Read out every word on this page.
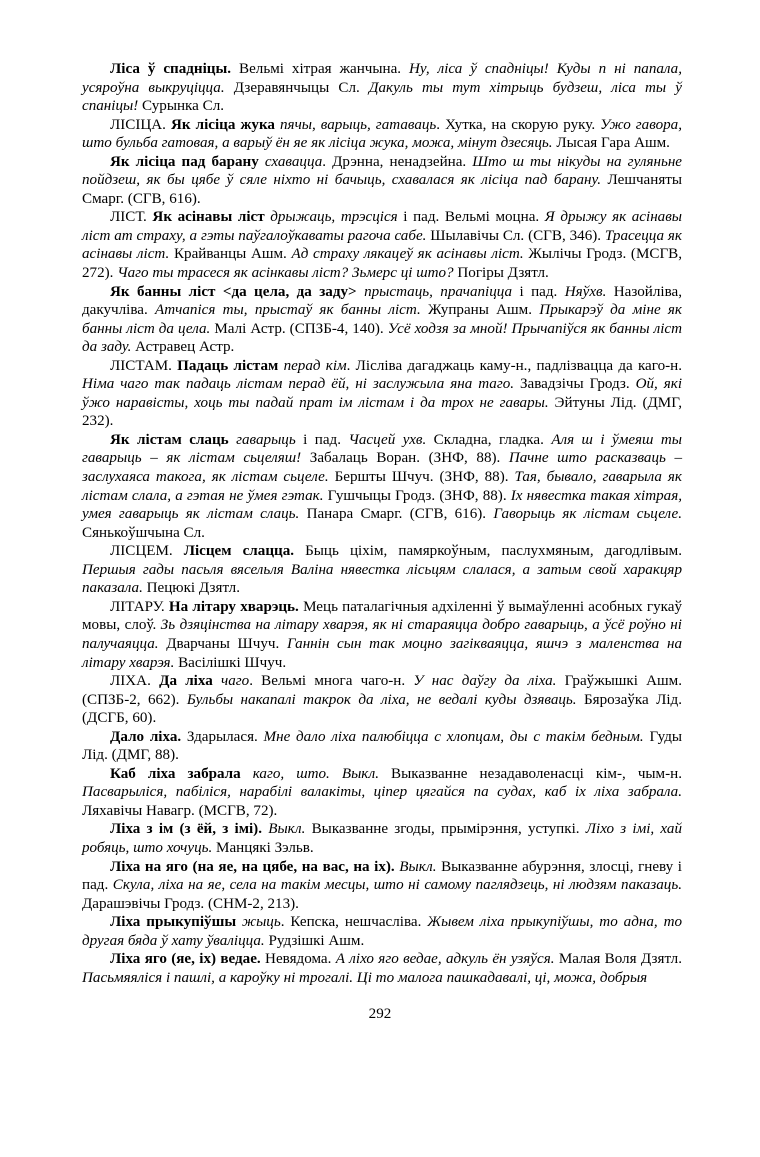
Ліса ў спадніцы. Вельмі хітрая жанчына. Ну, ліса ў спадніцы! Куды п ні папала, усяроўна выкруціцца. Дзеравянчыцы Сл. Дакуль ты тут хітрыць будзеш, ліса ты ў спаніцы! Сурынка Сл.

ЛІСІЦА. Як лісіца жука пячы, варыць, гатаваць. Хутка, на скорую руку. Ужо гавора, што бульба гатовая, а варыў ён яе як лісіца жука, можа, мінут дзесяць. Лысая Гара Ашм.

Як лісіца пад барану схавацца. Дрэнна, ненадзейна. Што ш ты нікуды на гуляньне пойдзеш, як бы цябе ў сяле ніхто ні бачыць, схавалася як лісіца пад барану. Лешчаняты Смарг. (СГВ, 616).

ЛІСТ. Як асінавы ліст дрыжаць, трэсціся і пад. Вельмі моцна. Я дрыжу як асінавы ліст ат страху, а гэты паўгалоўкаваты рагоча сабе. Шылавічы Сл. (СГВ, 346). Трасецца як асінавы ліст. Крайванцы Ашм. Ад страху лякацеў як асінавы ліст. Жылічы Гродз. (МСГВ, 272). Чаго ты трасеся як асінкавы ліст? Зьмерс ці што? Погіры Дзятл.

Як банны ліст <да цела, да заду> прыстаць, прачапіцца і пад. Няўхв. Назойліва, дакучліва. Атчапіся ты, прыстаў як банны ліст. Жупраны Ашм. Прыкарэў да міне як банны ліст да цела. Малі Астр. (СПЗБ-4, 140). Усё ходзя за мной! Прычапіўся як банны ліст да заду. Астравец Астр.

ЛІСТАМ. Падаць лістам перад кім. Лісліва дагаджаць каму-н., падлізвацца да каго-н. Німа чаго так падаць лістам перад ёй, ні заслужыла яна таго. Завадзічы Гродз. Ой, які ўжо наравісты, хоць ты падай прат ім лістам і да трох не гавары. Эйтуны Лід. (ДМГ, 232).

Як лістам слаць гаварыць і пад. Часцей ухв. Складна, гладка. Аля ш і ўмеяш ты гаварыць – як лістам сьцеляш! Забалаць Воран. (ЗНФ, 88). Пачне што расказваць – заслухаяса такога, як лістам сьцеле. Бершты Шчуч. (ЗНФ, 88). Тая, бывало, гаварыла як лістам слала, а гэтая не ўмея гэтак. Гушчыцы Гродз. (ЗНФ, 88). Іх нявестка такая хітрая, умея гаварыць як лістам слаць. Панара Смарг. (СГВ, 616). Гаворыць як лістам сьцеле. Сянькоўшчына Сл.

ЛІСЦЕМ. Лісцем слацца. Быць ціхім, памяркоўным, паслухмяным, дагодлівым. Першыя гады пасьля вясельля Валіна нявестка лісьцям слалася, а затым свой харакцяр паказала. Пецюкі Дзятл.

ЛІТАРУ. На літару хварэць. Мець паталагічныя адхіленні ў вымаўленні асобных гукаў мовы, слоў. Зь дзяцінства на літару хварэя, як ні стараяцца добро гаварыць, а ўсё роўно ні палучаяцца. Дварчаны Шчуч. Ганнін сын так моцно загікваяцца, яшчэ з маленства на літару хварэя. Васілішкі Шчуч.

ЛІХА. Да ліха чаго. Вельмі многа чаго-н. У нас даўгу да ліха. Граўжышкі Ашм. (СПЗБ-2, 662). Бульбы накапалі такрок да ліха, не ведалі куды дзяваць. Бярозаўка Лід. (ДСГБ, 60).

Дало ліха. Здарылася. Мне дало ліха палюбіцца с хлопцам, ды с такім бедным. Гуды Лід. (ДМГ, 88).

Каб ліха забрала каго, што. Выкл. Выказванне незадаволенасці кім-, чым-н. Пасварыліся, пабіліся, нарабілі валакіты, ціпер цягайся па судах, каб іх ліха забрала. Ляхавічы Навагр. (МСГВ, 72).

Ліха з ім (з ёй, з імі). Выкл. Выказванне згоды, прымірэння, уступкі. Ліхо з імі, хай робяць, што хочуць. Манцякі Зэльв.

Ліха на яго (на яе, на цябе, на вас, на іх). Выкл. Выказванне абурэння, злосці, гневу і пад. Скула, ліха на яе, села на такім месцы, што ні самому паглядзець, ні людзям паказаць. Дарашэвічы Гродз. (СНМ-2, 213).

Ліха прыкупіўшы жыць. Кепска, нешчасліва. Жывем ліха прыкупіўшы, то адна, то другая бяда ў хату ўваліцца. Рудзішкі Ашм.

Ліха яго (яе, іх) ведае. Невядома. А ліхо яго ведае, адкуль ён узяўся. Малая Воля Дзятл. Пасьмяяліся і пашлі, а кароўку ні трогалі. Ці то малога пашкадавалі, ці, можа, добрыя

292
